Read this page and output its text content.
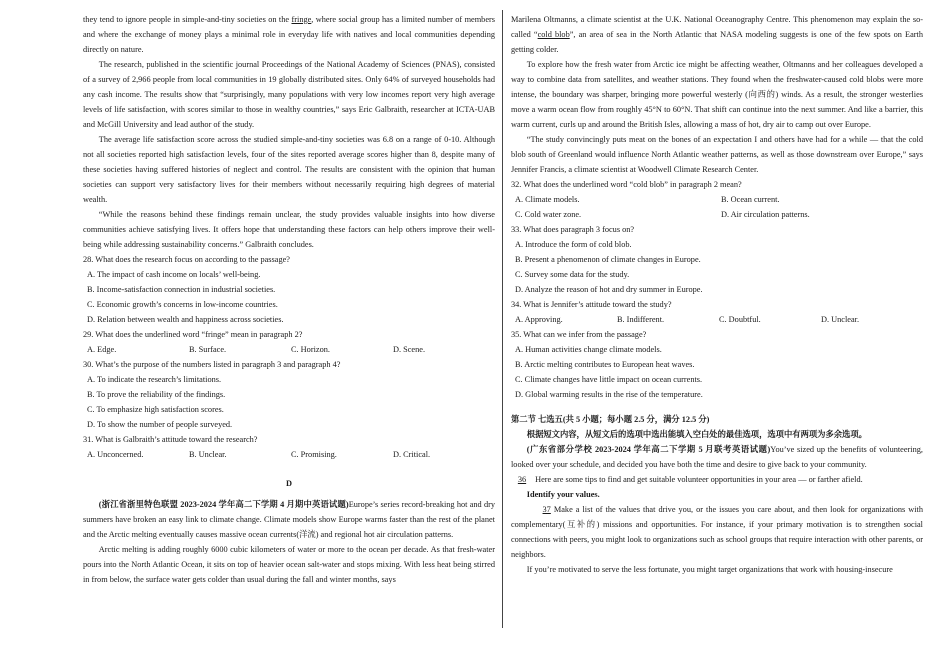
they tend to ignore people in simple-and-tiny societies on the fringe, where social group has a limited number of members and where the exchange of money plays a minimal role in everyday life with natives and local communities depending directly on nature.

The research, published in the scientific journal Proceedings of the National Academy of Sciences (PNAS), consisted of a survey of 2,966 people from local communities in 19 globally distributed sites. Only 64% of surveyed households had any cash income. The results show that “surprisingly, many populations with very low incomes report very high average levels of life satisfaction, with scores similar to those in wealthy countries,” says Eric Galbraith, researcher at ICTA-UAB and McGill University and lead author of the study.

The average life satisfaction score across the studied simple-and-tiny societies was 6.8 on a range of 0-10. Although not all societies reported high satisfaction levels, four of the sites reported average scores higher than 8, despite many of these societies having suffered histories of neglect and control. The results are consistent with the opinion that human societies can support very satisfactory lives for their members without necessarily requiring high degrees of material wealth.

“While the reasons behind these findings remain unclear, the study provides valuable insights into how diverse communities achieve satisfying lives. It offers hope that understanding these factors can help others improve their well-being while addressing sustainability concerns.” Galbraith concludes.

28. What does the research focus on according to the passage?

A. The impact of cash income on locals’ well-being.

B. Income-satisfaction connection in industrial societies.

C. Economic growth’s concerns in low-income countries.

D. Relation between wealth and happiness across societies.

29. What does the underlined word “fringe” mean in paragraph 2?

A. Edge.	B. Surface.	C. Horizon.	D. Scene.

30. What’s the purpose of the numbers listed in paragraph 3 and paragraph 4?

A. To indicate the research’s limitations.

B. To prove the reliability of the findings.

C. To emphasize high satisfaction scores.

D. To show the number of people surveyed.

31. What is Galbraith’s attitude toward the research?

A. Unconcerned.	B. Unclear.	C. Promising.	D. Critical.

D

(浙江省浙里特色联盟 2023-2024 学年高二下学期 4 月期中英语试题)Europe’s series record-breaking hot and dry summers have broken an easy link to climate change. Climate models show Europe warms faster than the rest of the planet and the Arctic melting eventually causes massive ocean currents(洋流) and regional hot air circulation patterns.

Arctic melting is adding roughly 6000 cubic kilometers of water or more to the ocean per decade. As that fresh-water pours into the North Atlantic Ocean, it sits on top of heavier ocean salt-water and stops mixing. With less heat being stirred in from below, the surface water gets colder than usual during the fall and winter months, says

Marilena Oltmanns, a climate scientist at the U.K. National Oceanography Centre. This phenomenon may explain the so-called “cold blob”, an area of sea in the North Atlantic that NASA modeling suggests is one of the few spots on Earth getting colder.

To explore how the fresh water from Arctic ice might be affecting weather, Oltmanns and her colleagues developed a way to combine data from satellites, and weather stations. They found when the freshwater-caused cold blobs were more intense, the boundary was sharper, bringing more powerful westerly (向西的) winds. As a result, the stronger westerlies move a warm ocean flow from roughly 45°N to 60°N. That shift can continue into the next summer. And like a barrier, this warm current, curls up and around the British Isles, allowing a mass of hot, dry air to camp out over Europe.

“The study convincingly puts meat on the bones of an expectation I and others have had for a while — that the cold blob south of Greenland would influence North Atlantic weather patterns, as well as those downstream over Europe,” says Jennifer Francis, a climate scientist at Woodwell Climate Research Center.

32. What does the underlined word “cold blob” in paragraph 2 mean?

A. Climate models.	B. Ocean current.
C. Cold water zone.	D. Air circulation patterns.

33. What does paragraph 3 focus on?

A. Introduce the form of cold blob.

B. Present a phenomenon of climate changes in Europe.

C. Survey some data for the study.

D. Analyze the reason of hot and dry summer in Europe.

34. What is Jennifer’s attitude toward the study?

A. Approving.	B. Indifferent.	C. Doubtful.	D. Unclear.

35. What can we infer from the passage?

A. Human activities change climate models.

B. Arctic melting contributes to European heat waves.

C. Climate changes have little impact on ocean currents.

D. Global warming results in the rise of the temperature.

第二节 七选五(共 5 小题；每小题 2.5 分，满分 12.5 分)

根据短文内容，从短文后的选项中选出能填入空白处的最佳选项，选项中有两项为多余选项。

(广东省部分学校 2023-2024 学年高二下学期 5 月联考英语试题)You’ve sized up the benefits of volunteering, looked over your schedule, and decided you have both the time and desire to give back to your community.

36 Here are some tips to find and get suitable volunteer opportunities in your area — or farther afield.

Identify your values.

37 Make a list of the values that drive you, or the issues you care about, and then look for organizations with complementary(互补的) missions and opportunities. For instance, if your primary motivation is to strengthen social connections with peers, you might look to organizations such as school groups that require interaction with other parents, or neighbors.

If you’re motivated to serve the less fortunate, you might target organizations that work with housing-insecure
